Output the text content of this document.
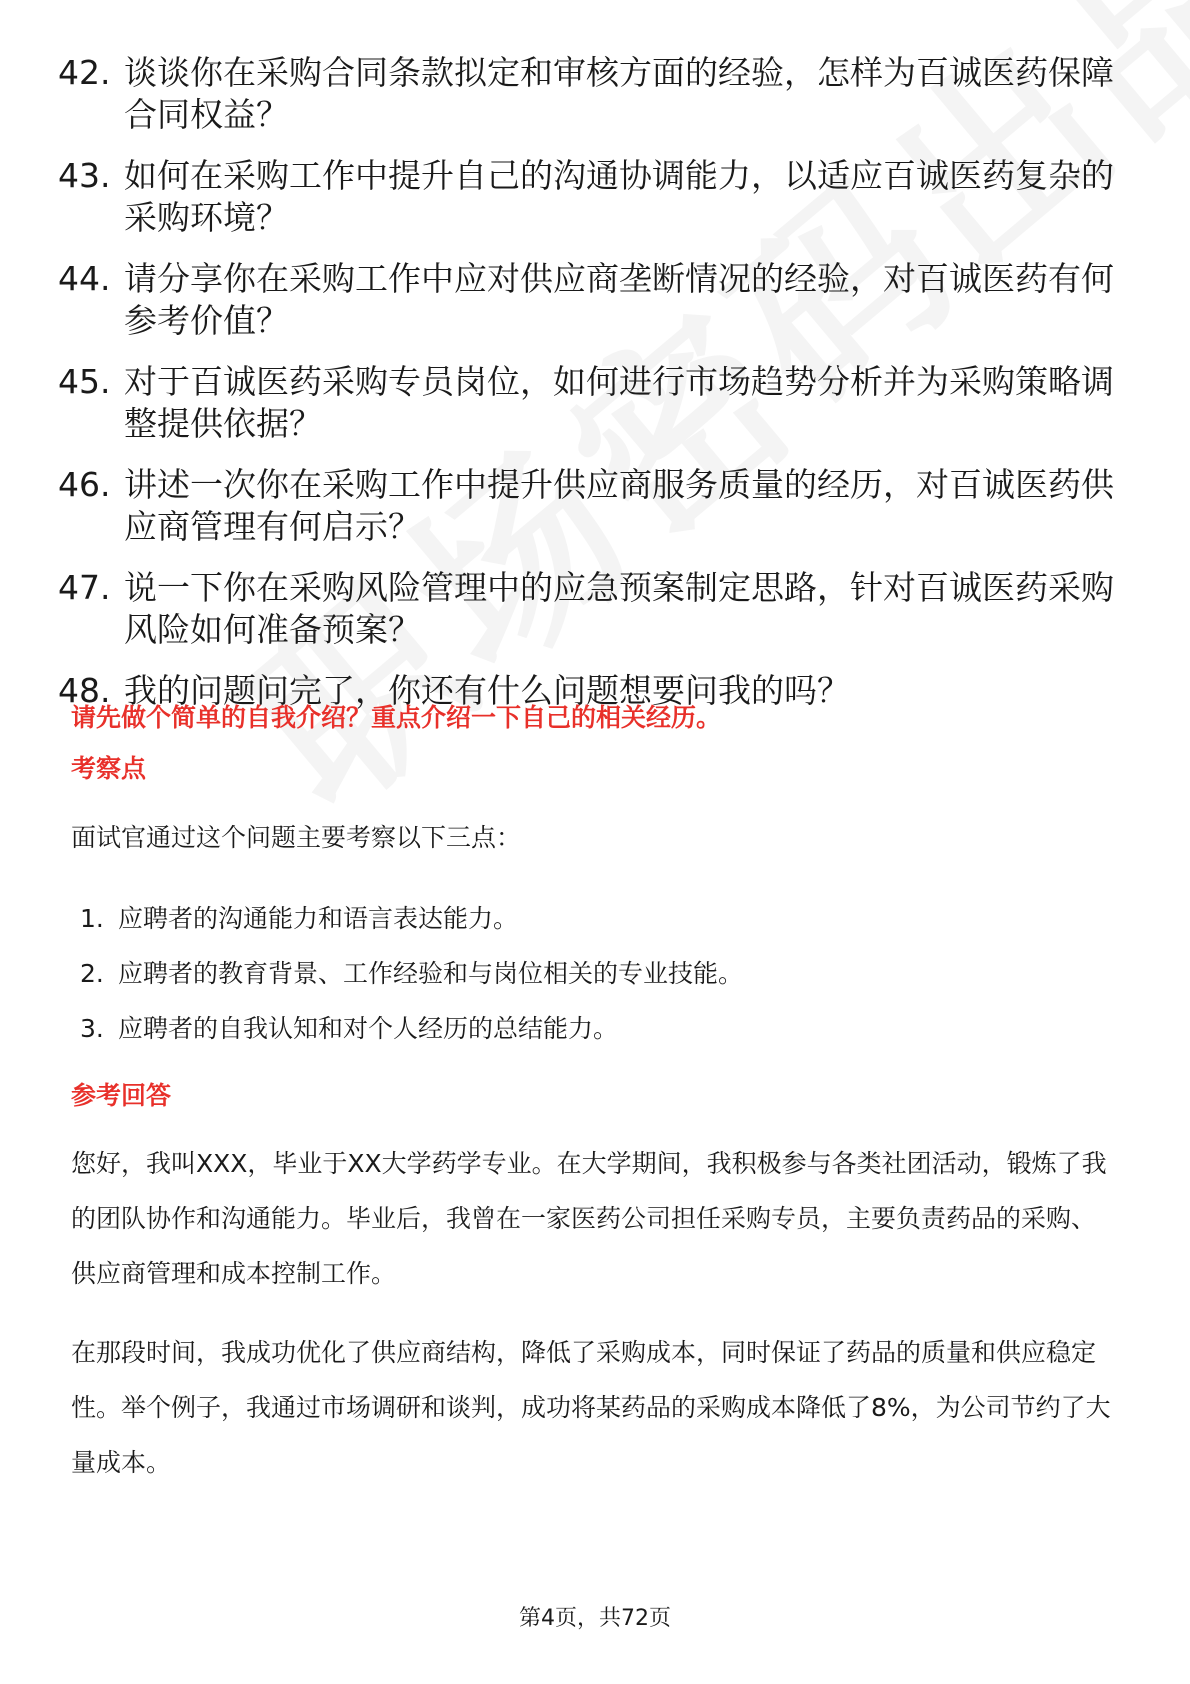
42. 谈谈你在采购合同条款拟定和审核方面的经验，怎样为百诚医药保障合同权益？
43. 如何在采购工作中提升自己的沟通协调能力，以适应百诚医药复杂的采购环境？
44. 请分享你在采购工作中应对供应商垄断情况的经验，对百诚医药有何参考价值？
45. 对于百诚医药采购专员岗位，如何进行市场趋势分析并为采购策略调整提供依据？
46. 讲述一次你在采购工作中提升供应商服务质量的经历，对百诚医药供应商管理有何启示？
47. 说一下你在采购风险管理中的应急预案制定思路，针对百诚医药采购风险如何准备预案？
48. 我的问题问完了，你还有什么问题想要问我的吗？
请先做个简单的自我介绍？重点介绍一下自己的相关经历。
考察点
面试官通过这个问题主要考察以下三点：
1. 应聘者的沟通能力和语言表达能力。
2. 应聘者的教育背景、工作经验和与岗位相关的专业技能。
3. 应聘者的自我认知和对个人经历的总结能力。
参考回答
您好，我叫XXX，毕业于XX大学药学专业。在大学期间，我积极参与各类社团活动，锻炼了我的团队协作和沟通能力。毕业后，我曾在一家医药公司担任采购专员，主要负责药品的采购、供应商管理和成本控制工作。
在那段时间，我成功优化了供应商结构，降低了采购成本，同时保证了药品的质量和供应稳定性。举个例子，我通过市场调研和谈判，成功将某药品的采购成本降低了8%，为公司节约了大量成本。
第4页，共72页
